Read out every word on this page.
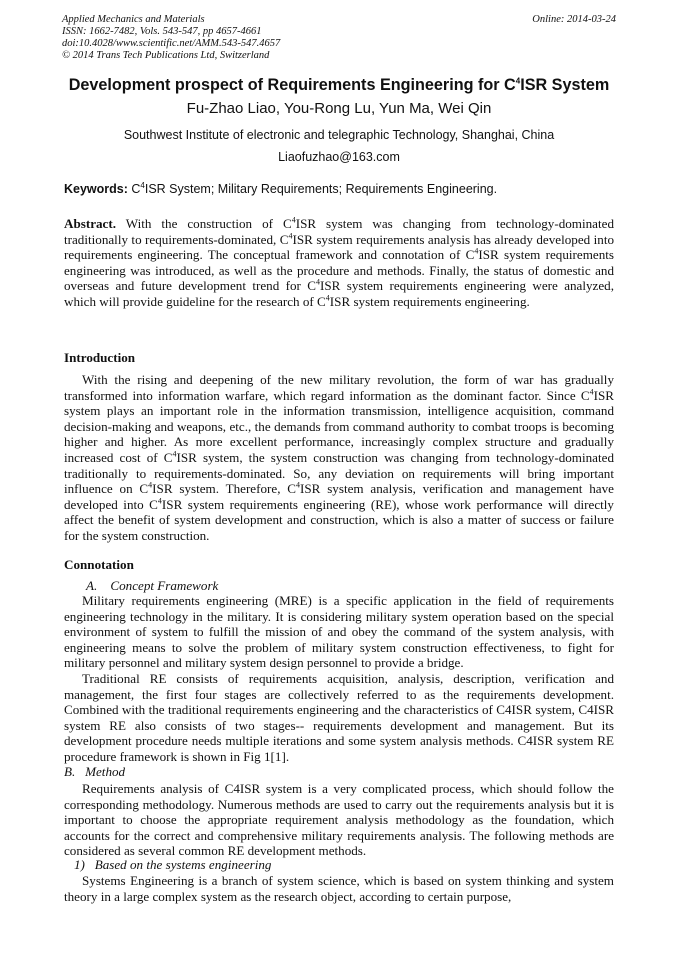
Applied Mechanics and Materials
ISSN: 1662-7482, Vols. 543-547, pp 4657-4661
doi:10.4028/www.scientific.net/AMM.543-547.4657
© 2014 Trans Tech Publications Ltd, Switzerland
Online: 2014-03-24
Development prospect of Requirements Engineering for $C^4ISR$ System
Fu-Zhao Liao, You-Rong Lu, Yun Ma, Wei Qin
Southwest Institute of electronic and telegraphic Technology, Shanghai, China
Liaofuzhao@163.com
Keywords: $C^4ISR$ System; Military Requirements; Requirements Engineering.

Abstract. With the construction of $C^4ISR$ system was changing from technology-dominated traditionally to requirements-dominated, $C^4ISR$ system requirements analysis has already developed into requirements engineering. The conceptual framework and connotation of $C^4ISR$ system requirements engineering was introduced, as well as the procedure and methods. Finally, the status of domestic and overseas and future development trend for $C^4ISR$ system requirements engineering were analyzed, which will provide guideline for the research of $C^4ISR$ system requirements engineering.

Introduction

With the rising and deepening of the new military revolution, the form of war has gradually transformed into information warfare, which regard information as the dominant factor. Since $C^4ISR$ system plays an important role in the information transmission, intelligence acquisition, command decision-making and weapons, etc., the demands from command authority to combat troops is becoming higher and higher. As more excellent performance, increasingly complex structure and gradually increased cost of $C^4ISR$ system, the system construction was changing from technology-dominated traditionally to requirements-dominated. So, any deviation on requirements will bring important influence on $C^4ISR$ system. Therefore, $C^4ISR$ system analysis, verification and management have developed into $C^4ISR$ system requirements engineering (RE), whose work performance will directly affect the benefit of system development and construction, which is also a matter of success or failure for the system construction.

Connotation
A.    Concept Framework

Military requirements engineering (MRE) is a specific application in the field of requirements engineering technology in the military. It is considering military system operation based on the special environment of system to fulfill the mission of and obey the command of the system analysis, with engineering means to solve the problem of military system construction effectiveness, to fight for military personnel and military system design personnel to provide a bridge.

Traditional RE consists of requirements acquisition, analysis, description, verification and management, the first four stages are collectively referred to as the requirements development. Combined with the traditional requirements engineering and the characteristics of C4ISR system, C4ISR system RE also consists of two stages-- requirements development and management. But its development procedure needs multiple iterations and some system analysis methods. C4ISR system RE procedure framework is shown in Fig 1[1].

B.   Method

Requirements analysis of C4ISR system is a very complicated process, which should follow the corresponding methodology. Numerous methods are used to carry out the requirements analysis but it is important to choose the appropriate requirement analysis methodology as the foundation, which accounts for the correct and comprehensive military requirements analysis. The following methods are considered as several common RE development methods.

1)   Based on the systems engineering

Systems Engineering is a branch of system science, which is based on system thinking and system theory in a large complex system as the research object, according to certain purpose,
